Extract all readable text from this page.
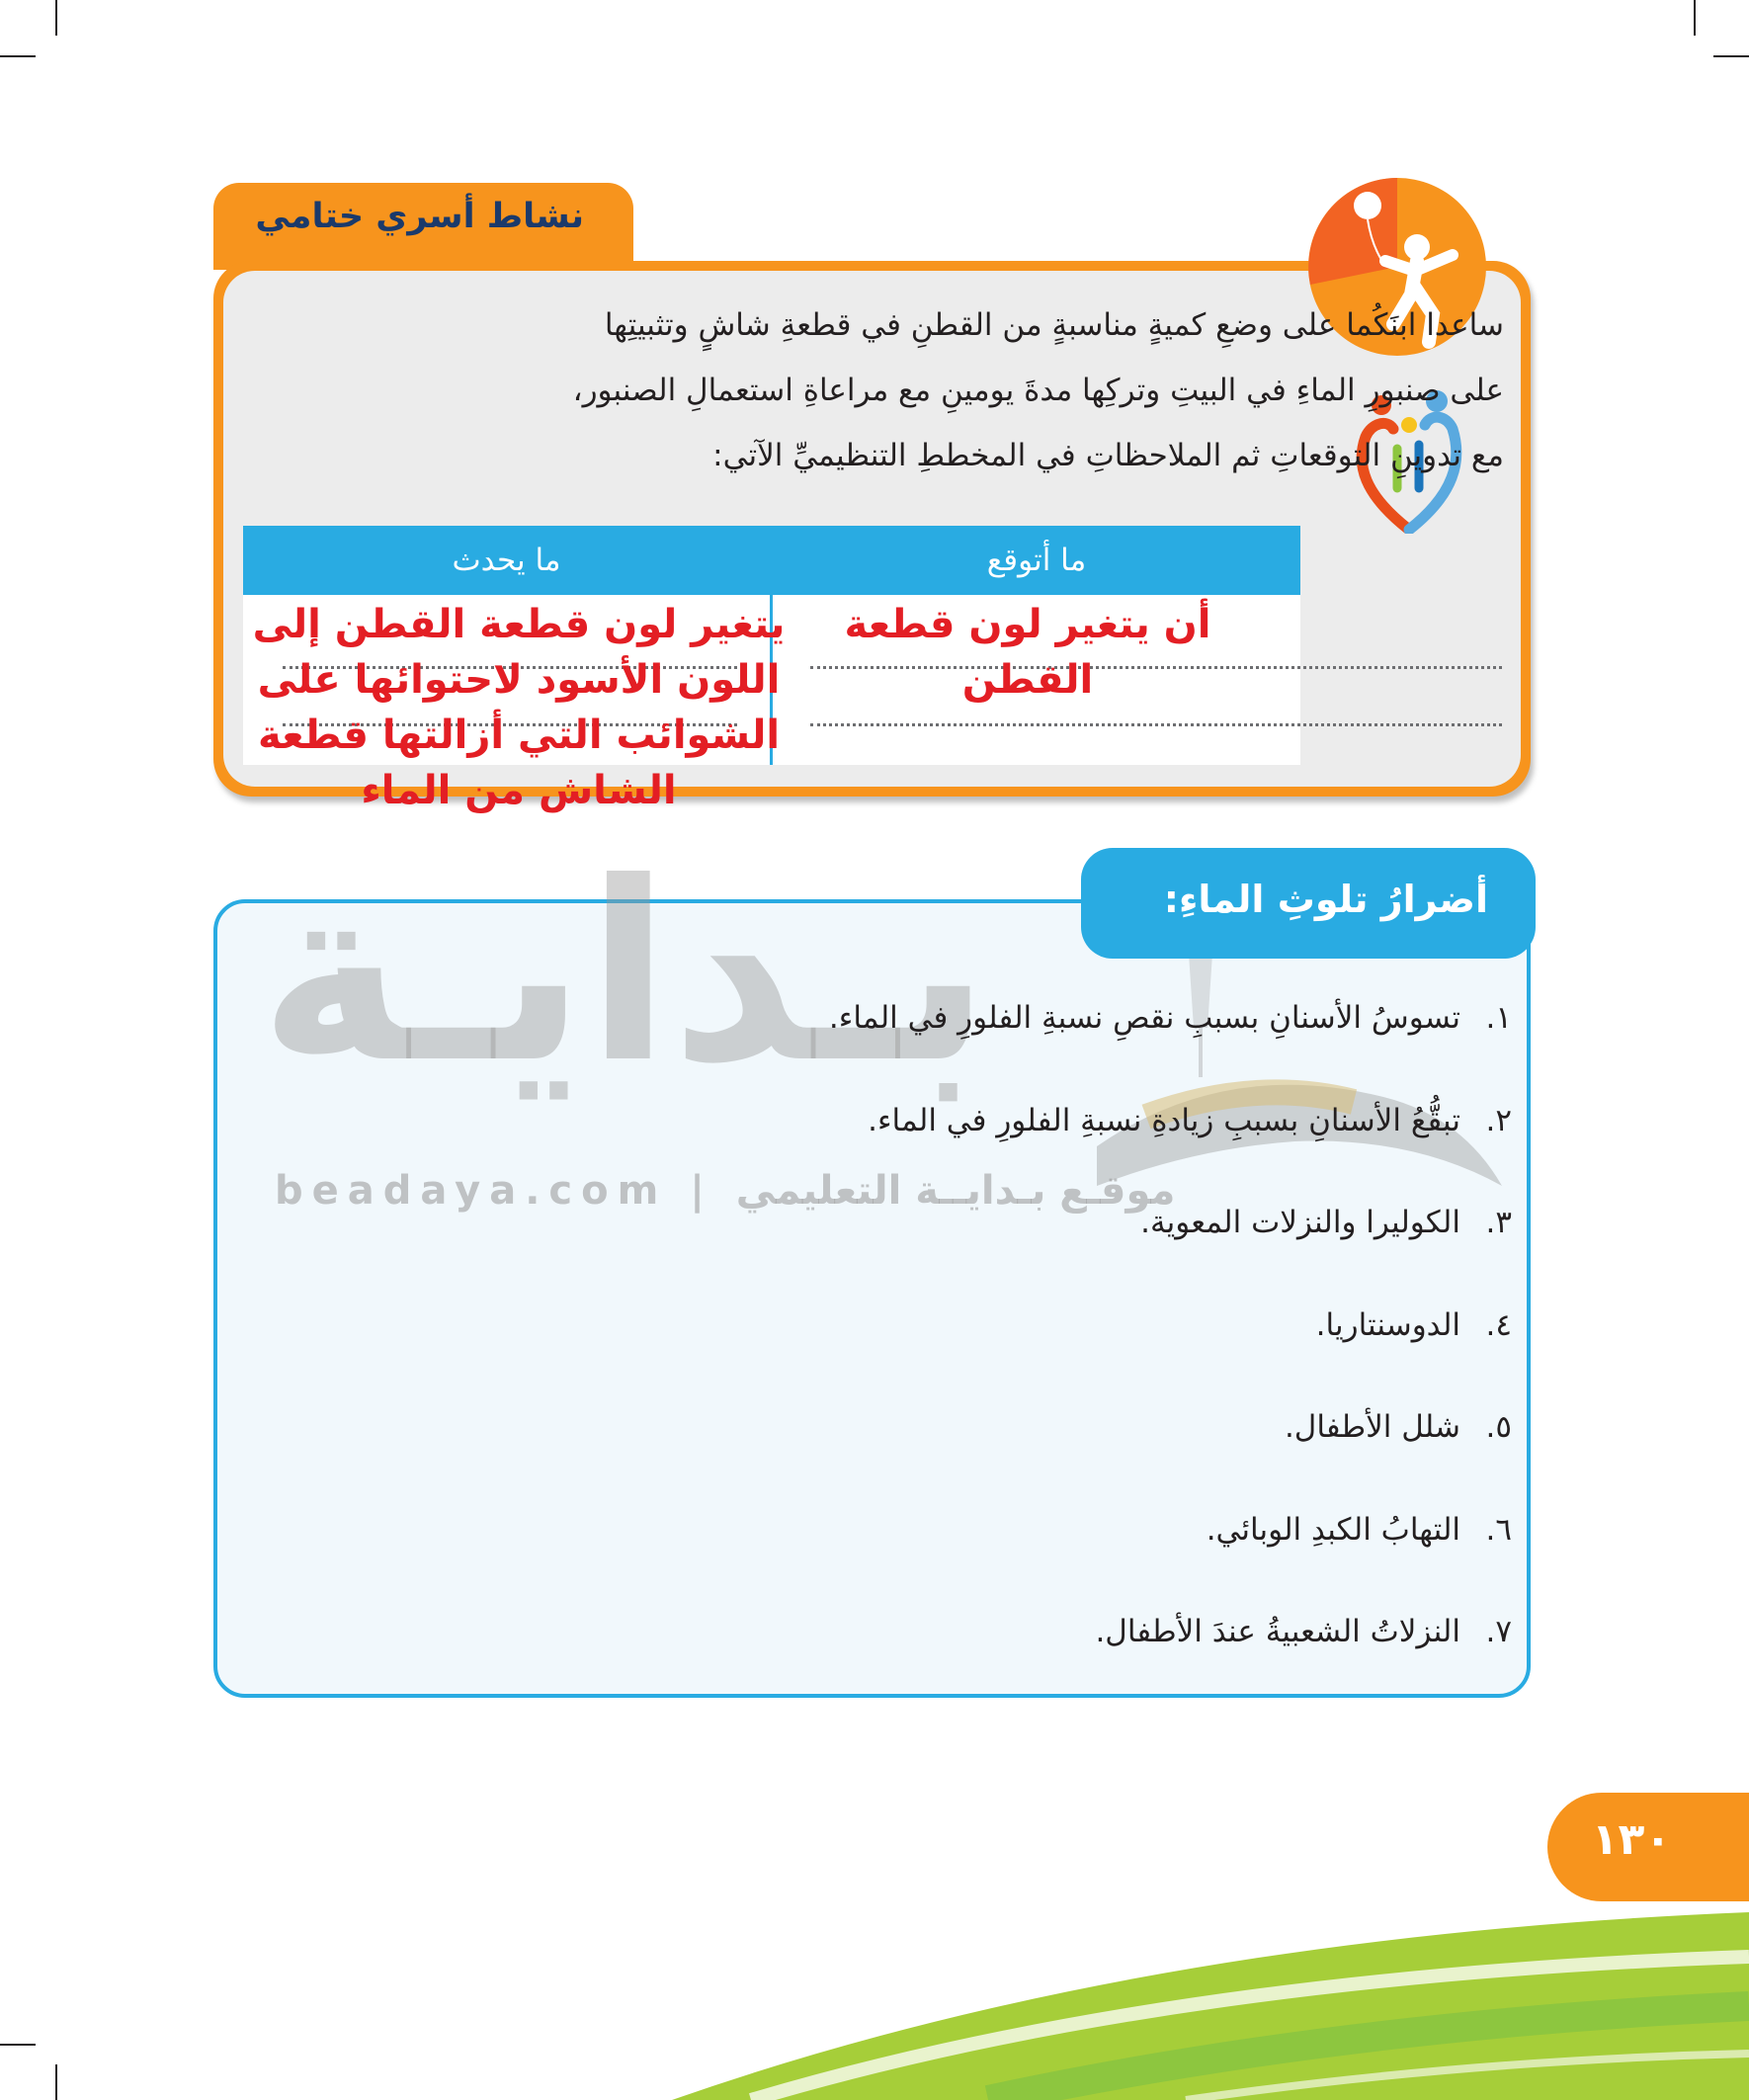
نشاط أسري ختامي
ساعدا ابنَكُما على وضعِ كميةٍ مناسبةٍ من القطنِ في قطعةِ شاشٍ وتثبيتِها
على صنبورِ الماءِ في البيتِ وتركِها مدةَ يومينِ مع مراعاةِ استعمالِ الصنبور،
مع تدوينِ التوقعاتِ ثم الملاحظاتِ في المخططِ التنظيميِّ الآتي:
ما أتوقع
ما يحدث
أن يتغير لون قطعة القطن
يتغير لون قطعة القطن إلى
اللون الأسود لاحتوائها على
الشوائب التي أزالتها قطعة
الشاش من الماء
بـدايـة
beadaya.com | موقـع بـدايــة التعليمي
أضرارُ تلوثِ الماءِ:
١.تسوسُ الأسنانِ بسببِ نقصِ نسبةِ الفلورِ في الماء.
٢.تبقُّعُ الأسنانِ بسببِ زيادةِ نسبةِ الفلورِ في الماء.
٣.الكوليرا والنزلات المعوية.
٤.الدوسنتاريا.
٥.شلل الأطفال.
٦.التهابُ الكبدِ الوبائي.
٧.النزلاتُ الشعبيةُ عندَ الأطفال.
١٣٠
